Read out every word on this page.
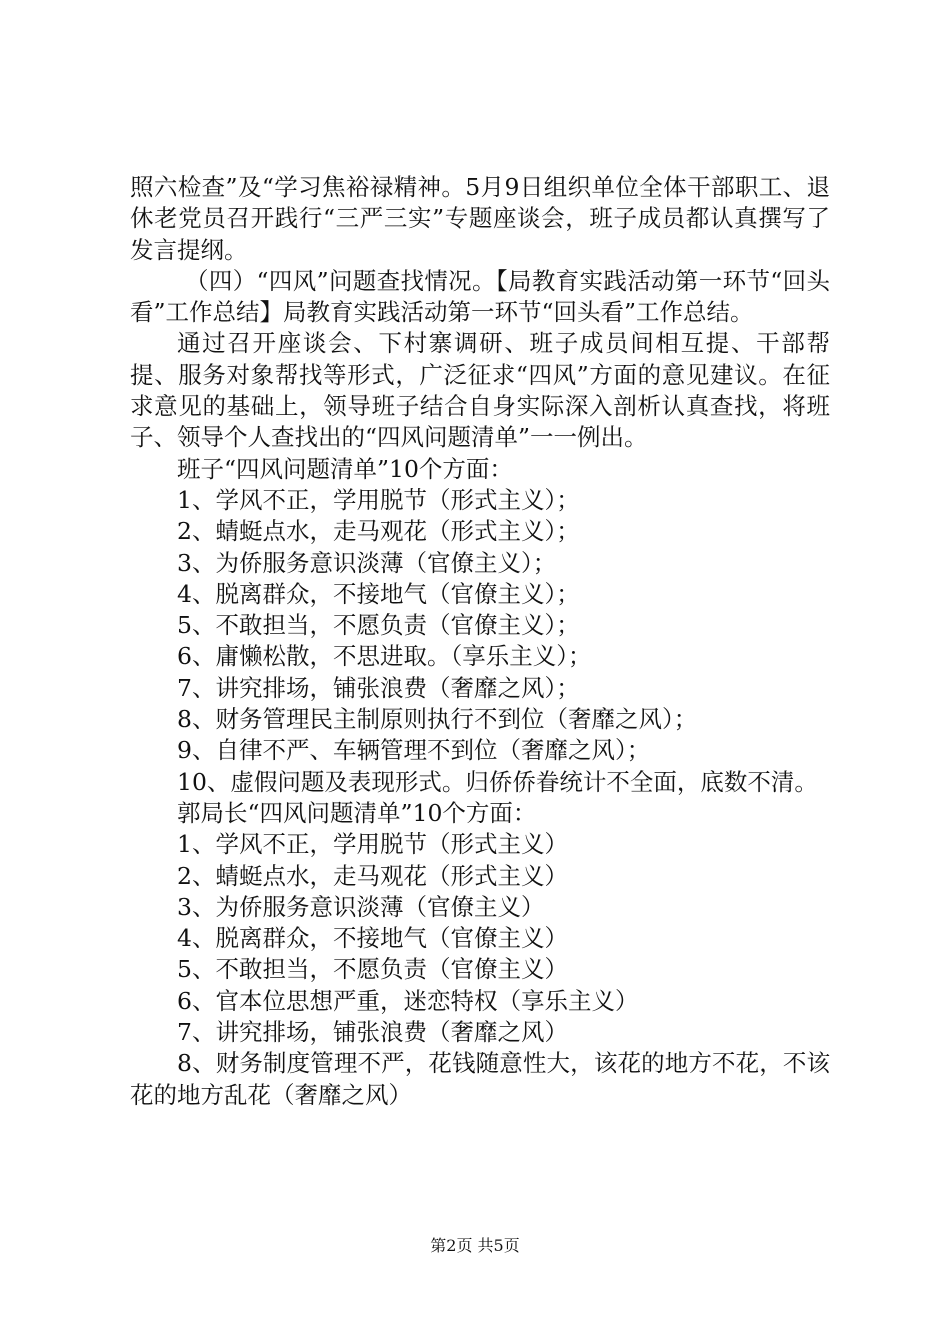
照六检查”及“学习焦裕禄精神。5月9日组织单位全体干部职工、退休老党员召开践行“三严三实”专题座谈会，班子成员都认真撰写了发言提纲。

（四）“四风”问题查找情况。【局教育实践活动第一环节“回头看”工作总结】局教育实践活动第一环节“回头看”工作总结。

通过召开座谈会、下村寨调研、班子成员间相互提、干部帮提、服务对象帮找等形式，广泛征求“四风”方面的意见建议。在征求意见的基础上，领导班子结合自身实际深入剖析认真查找，将班子、领导个人查找出的“四风问题清单”一一例出。

班子“四风问题清单”10个方面：

1、学风不正，学用脱节（形式主义）；

2、蜻蜓点水，走马观花（形式主义）；

3、为侨服务意识淡薄（官僚主义）；

4、脱离群众，不接地气（官僚主义）；

5、不敢担当，不愿负责（官僚主义）；

6、庸懒松散，不思进取。（享乐主义）；

7、讲究排场，铺张浪费（奢靡之风）；

8、财务管理民主制原则执行不到位（奢靡之风）；

9、自律不严、车辆管理不到位（奢靡之风）；

10、虚假问题及表现形式。归侨侨眷统计不全面，底数不清。

郭局长“四风问题清单”10个方面：

1、学风不正，学用脱节（形式主义）

2、蜻蜓点水，走马观花（形式主义）

3、为侨服务意识淡薄（官僚主义）

4、脱离群众，不接地气（官僚主义）

5、不敢担当，不愿负责（官僚主义）

6、官本位思想严重，迷恋特权（享乐主义）

7、讲究排场，铺张浪费（奢靡之风）

8、财务制度管理不严，花钱随意性大，该花的地方不花，不该花的地方乱花（奢靡之风）

第2页 共5页
